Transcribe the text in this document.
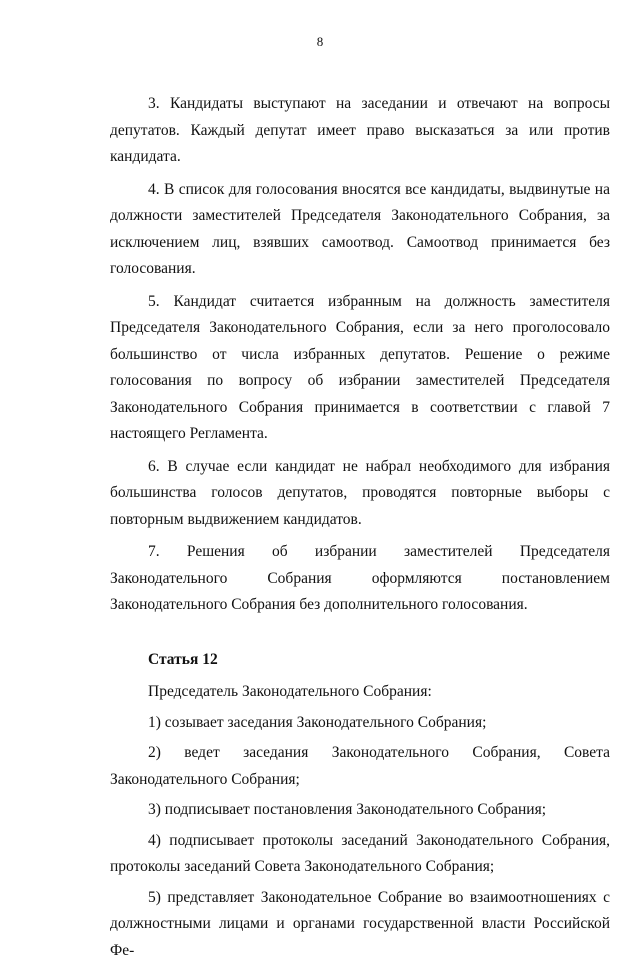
8

3. Кандидаты выступают на заседании и отвечают на вопросы депутатов. Каждый депутат имеет право высказаться за или против кандидата.

4. В список для голосования вносятся все кандидаты, выдвинутые на должности заместителей Председателя Законодательного Собрания, за исключением лиц, взявших самоотвод. Самоотвод принимается без голосования.

5. Кандидат считается избранным на должность заместителя Председателя Законодательного Собрания, если за него проголосовало большинство от числа избранных депутатов. Решение о режиме голосования по вопросу об избрании заместителей Председателя Законодательного Собрания принимается в соответствии с главой 7 настоящего Регламента.

6. В случае если кандидат не набрал необходимого для избрания большинства голосов депутатов, проводятся повторные выборы с повторным выдвижением кандидатов.

7. Решения об избрании заместителей Председателя Законодательного Собрания оформляются постановлением Законодательного Собрания без дополнительного голосования.

Статья 12

Председатель Законодательного Собрания:

1) созывает заседания Законодательного Собрания;

2) ведет заседания Законодательного Собрания, Совета Законодательного Собрания;

3) подписывает постановления Законодательного Собрания;

4) подписывает протоколы заседаний Законодательного Собрания, протоколы заседаний Совета Законодательного Собрания;

5) представляет Законодательное Собрание во взаимоотношениях с должностными лицами и органами государственной власти Российской Фе-
